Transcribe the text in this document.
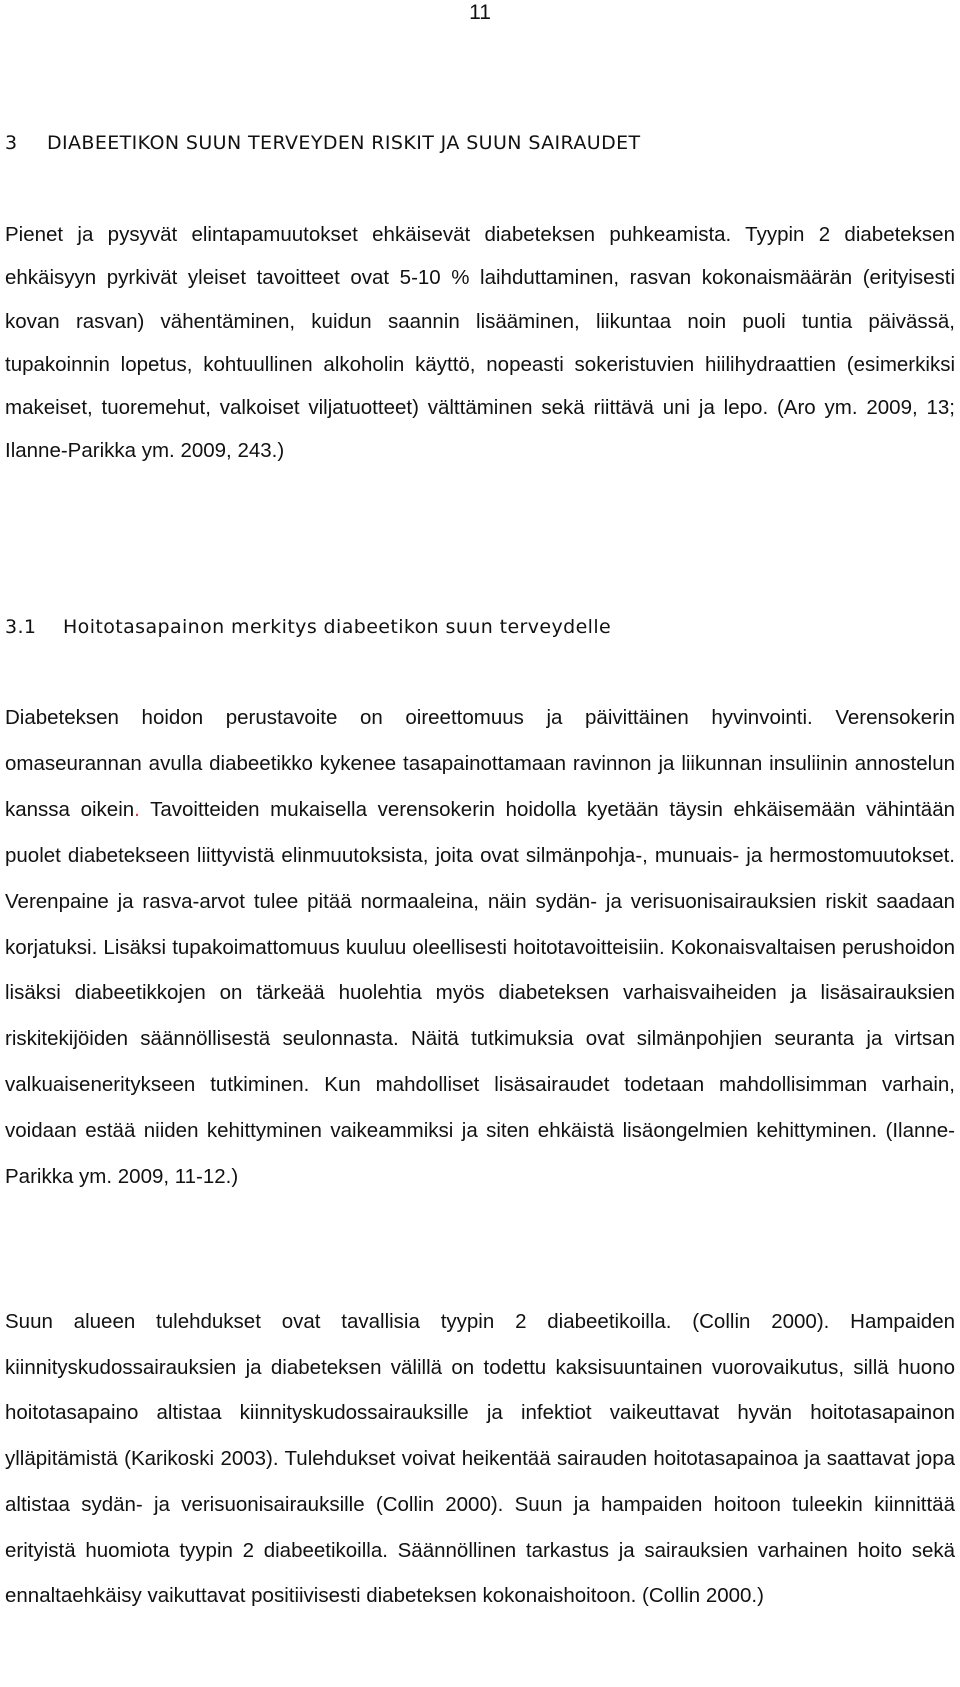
11
3 DIABEETIKON SUUN TERVEYDEN RISKIT JA SUUN SAIRAUDET

Pienet ja pysyvät elintapamuutokset ehkäisevät diabeteksen puhkeamista. Tyypin 2 diabeteksen ehkäisyyn pyrkivät yleiset tavoitteet ovat 5-10 % laihduttaminen, rasvan kokonaismäärän (erityisesti kovan rasvan) vähentäminen, kuidun saannin lisääminen, liikuntaa noin puoli tuntia päivässä, tupakoinnin lopetus, kohtuullinen alkoholin käyttö, nopeasti sokeristuvien hiilihydraattien (esimerkiksi makeiset, tuoremehut, valkoiset viljatuotteet) välttäminen sekä riittävä uni ja lepo. (Aro ym. 2009, 13; Ilanne-Parikka ym. 2009, 243.)

3.1 Hoitotasapainon merkitys diabeetikon suun terveydelle

Diabeteksen hoidon perustavoite on oireettomuus ja päivittäinen hyvinvointi. Verensokerin omaseurannan avulla diabeetikko kykenee tasapainottamaan ravinnon ja liikunnan insuliinin annostelun kanssa oikein. Tavoitteiden mukaisella verensokerin hoidolla kyetään täysin ehkäisemään vähintään puolet diabetekseen liittyvistä elinmuutoksista, joita ovat silmänpohja-, munuais- ja hermostomuutokset. Verenpaine ja rasva-arvot tulee pitää normaaleina, näin sydän- ja verisuonisairauksien riskit saadaan korjatuksi. Lisäksi tupakoimattomuus kuuluu oleellisesti hoitotavoitteisiin. Kokonaisvaltaisen perushoidon lisäksi diabeetikkojen on tärkeää huolehtia myös diabeteksen varhaisvaiheiden ja lisäsairauksien riskitekijöiden säännöllisestä seulonnasta. Näitä tutkimuksia ovat silmänpohjien seuranta ja virtsan valkuaiseneritykseen tutkiminen. Kun mahdolliset lisäsairaudet todetaan mahdollisimman varhain, voidaan estää niiden kehittyminen vaikeammiksi ja siten ehkäistä lisäongelmien kehittyminen. (Ilanne- Parikka ym. 2009, 11-12.)

Suun alueen tulehdukset ovat tavallisia tyypin 2 diabeetikoilla. (Collin 2000). Hampaiden kiinnityskudossairauksien ja diabeteksen välillä on todettu kaksisuuntainen vuorovaikutus, sillä huono hoitotasapaino altistaa kiinnityskudossairauksille ja infektiot vaikeuttavat hyvän hoitotasapainon ylläpitämistä (Karikoski 2003). Tulehdukset voivat heikentää sairauden hoitotasapainoa ja saattavat jopa altistaa sydän- ja verisuonisairauksille (Collin 2000). Suun ja hampaiden hoitoon tuleekin kiinnittää erityistä huomiota tyypin 2 diabeetikoilla. Säännöllinen tarkastus ja sairauksien varhainen hoito sekä ennaltaehkäisy vaikuttavat positiivisesti diabeteksen kokonaishoitoon. (Collin 2000.)
